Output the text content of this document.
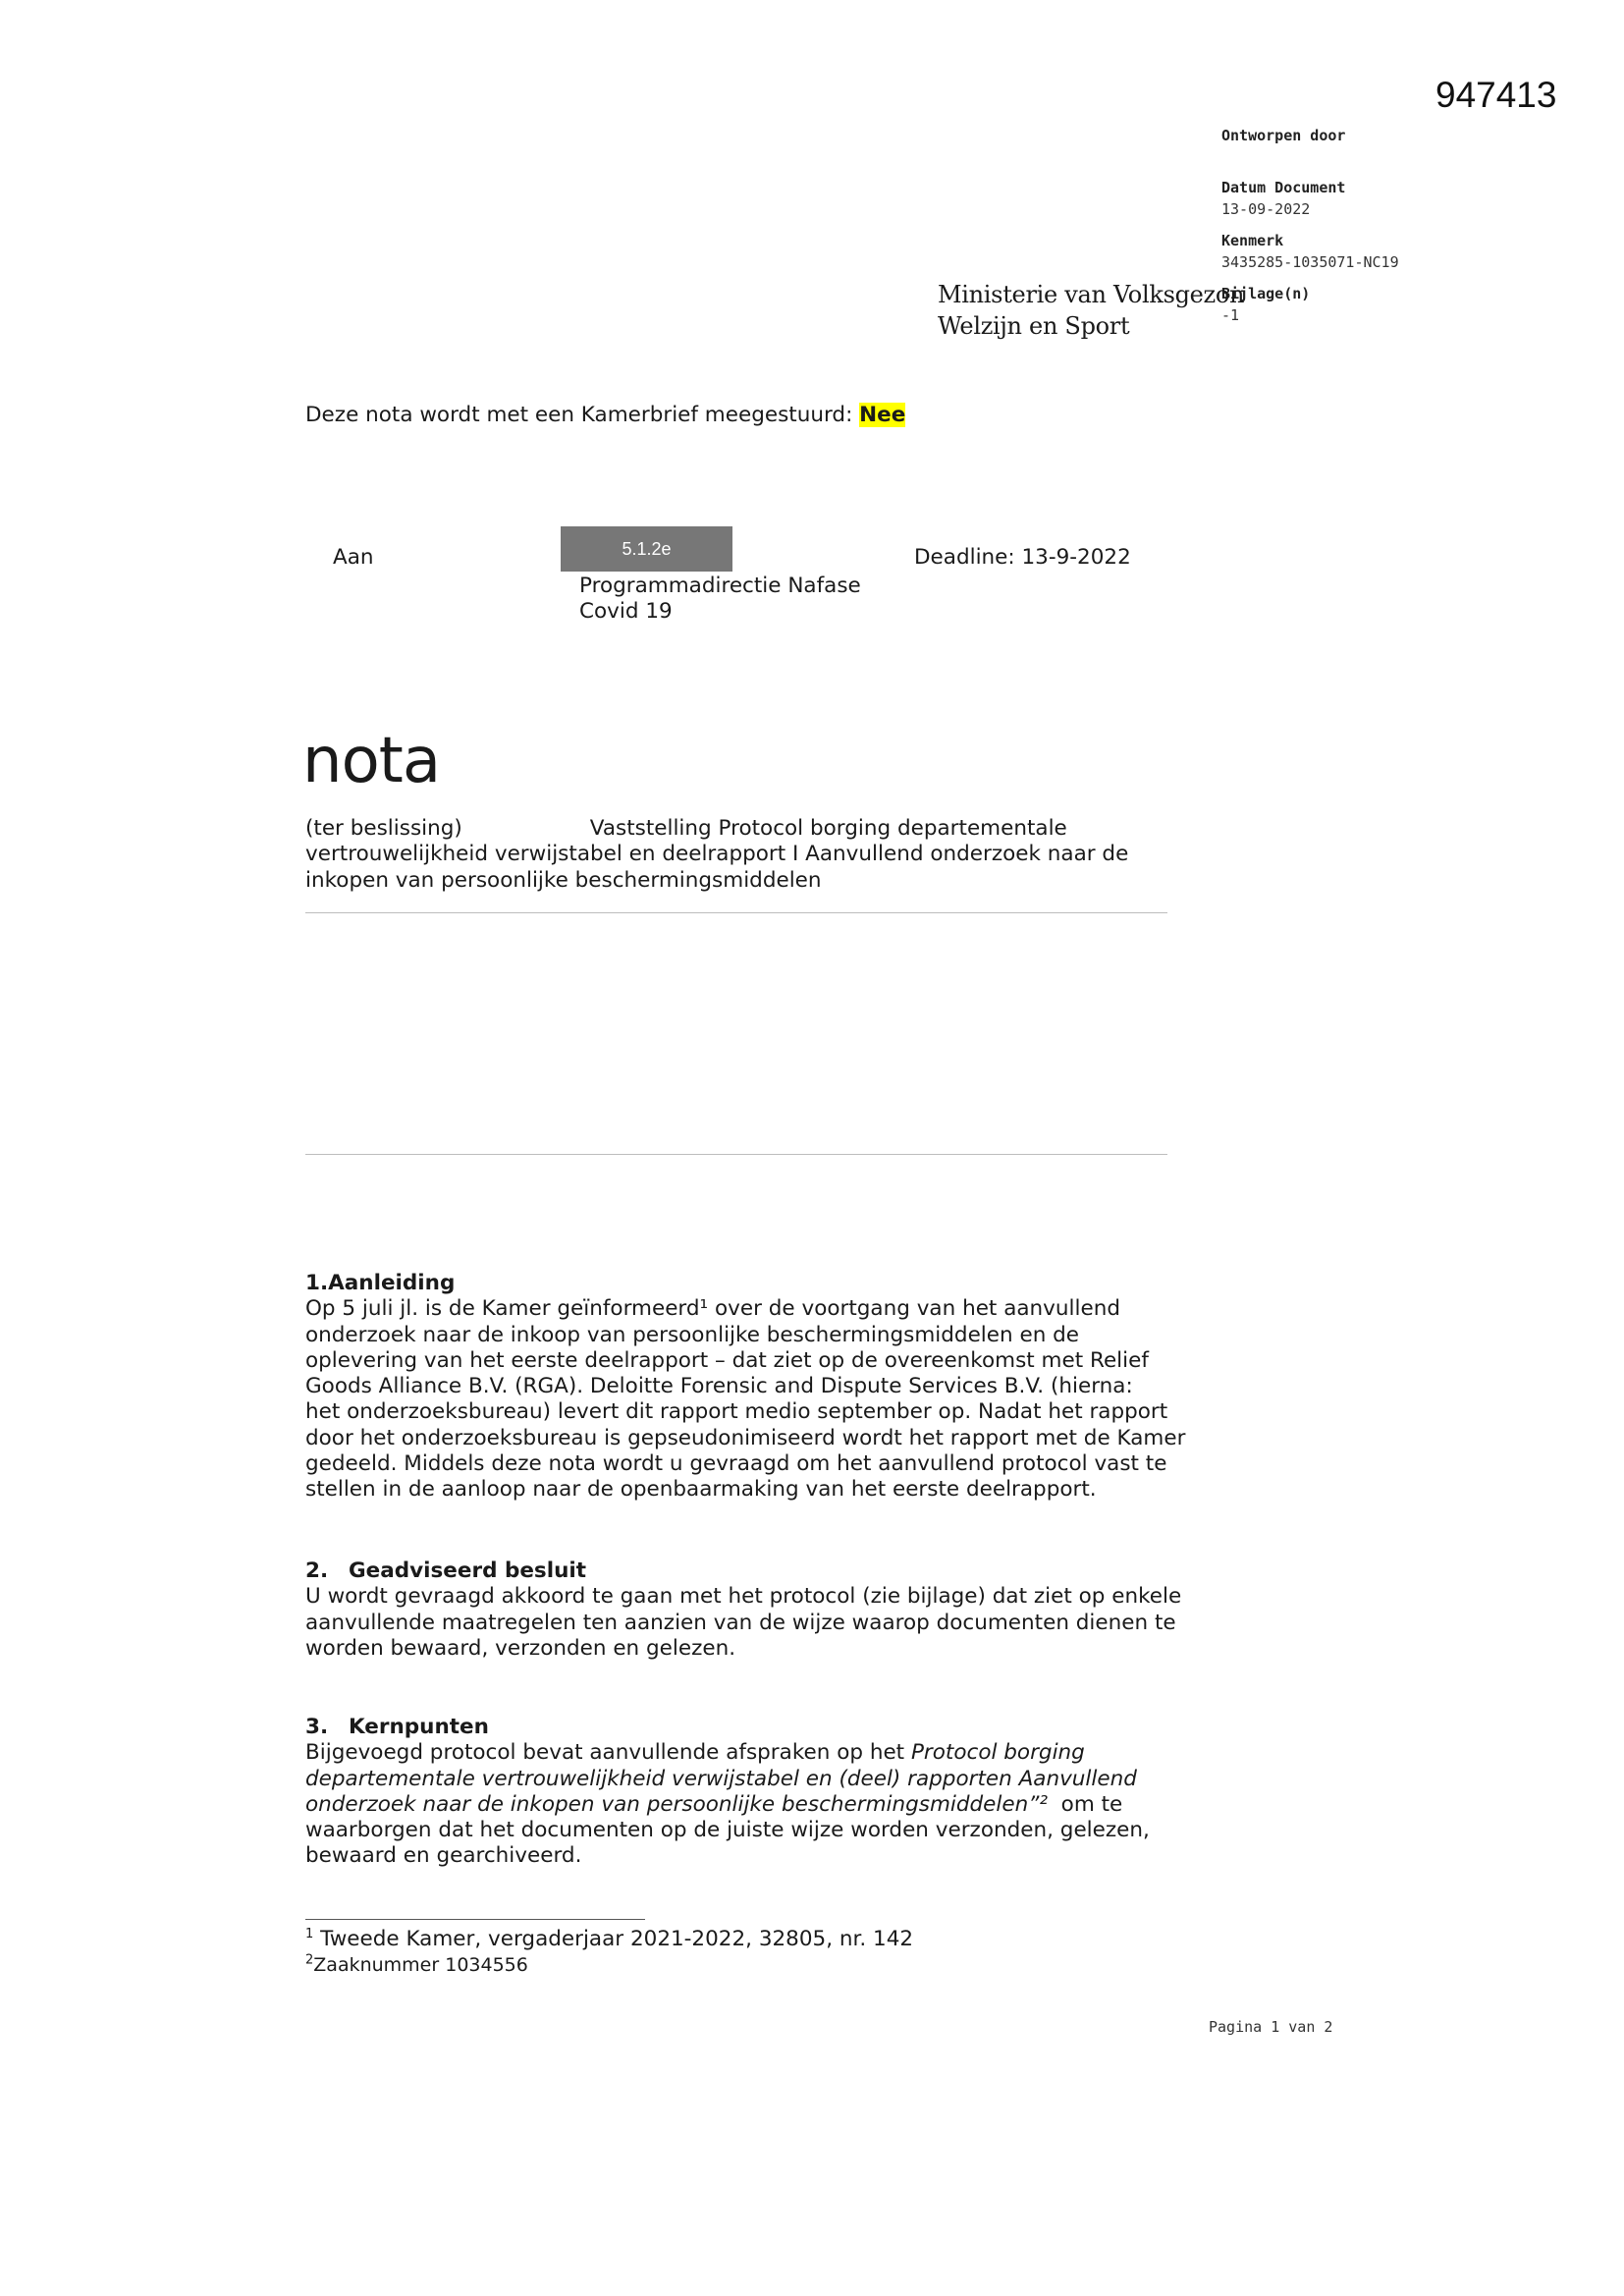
947413
Ontworpen door
Datum Document
13-09-2022
Kenmerk
3435285-1035071-NC19
Bijlage(n)
-1
Ministerie van Volksgezon
Welzijn en Sport
Deze nota wordt met een Kamerbrief meegestuurd: Nee
Aan	5.1.2e

Programmadirectie Nafase

Covid 19

Deadline: 13-9-2022
nota

(ter beslissing)	Vaststelling Protocol borging departementale

vertrouwelijkheid verwijstabel en deelrapport I Aanvullend onderzoek naar de

inkopen van persoonlijke beschermingsmiddelen

1.Aanleiding

Op 5 juli jl. is de Kamer geïnformeerd¹ over de voortgang van het aanvullend

onderzoek naar de inkoop van persoonlijke beschermingsmiddelen en de

oplevering van het eerste deelrapport – dat ziet op de overeenkomst met Relief

Goods Alliance B.V. (RGA). Deloitte Forensic and Dispute Services B.V. (hierna:

het onderzoeksbureau) levert dit rapport medio september op. Nadat het rapport

door het onderzoeksbureau is gepseudonimiseerd wordt het rapport met de Kamer

gedeeld. Middels deze nota wordt u gevraagd om het aanvullend protocol vast te

stellen in de aanloop naar de openbaarmaking van het eerste deelrapport.

2. Geadviseerd besluit

U wordt gevraagd akkoord te gaan met het protocol (zie bijlage) dat ziet op enkele

aanvullende maatregelen ten aanzien van de wijze waarop documenten dienen te

worden bewaard, verzonden en gelezen.

3. Kernpunten

Bijgevoegd protocol bevat aanvullende afspraken op het Protocol borging

departementale vertrouwelijkheid verwijstabel en (deel) rapporten Aanvullend

onderzoek naar de inkopen van persoonlijke beschermingsmiddelen”²  om te

waarborgen dat het documenten op de juiste wijze worden verzonden, gelezen,

bewaard en gearchiveerd.

$^1$ Tweede Kamer, vergaderjaar 2021-2022, 32805, nr. 142

$^2$Zaaknummer 1034556

Pagina 1 van 2
